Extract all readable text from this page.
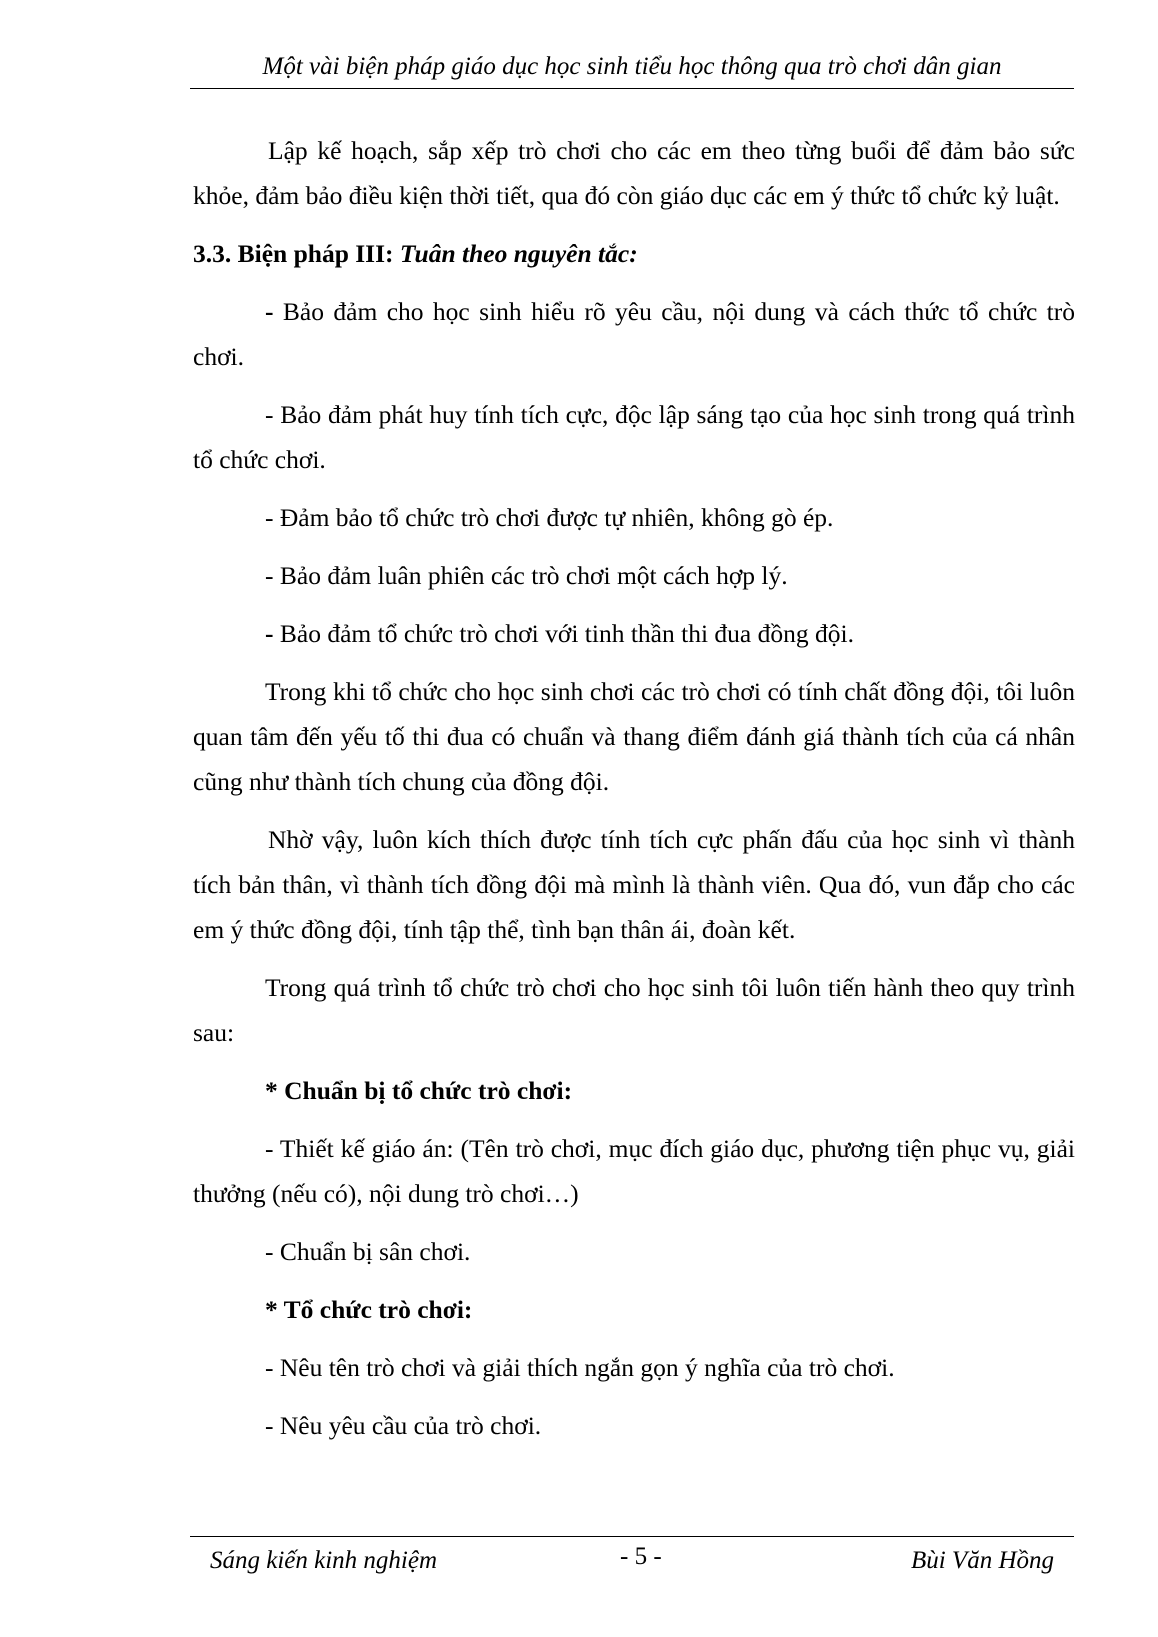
Một vài biện pháp giáo dục học sinh tiểu học thông qua trò chơi dân gian

Lập kế hoạch, sắp xếp trò chơi cho các em theo từng buổi để đảm bảo sức khỏe, đảm bảo điều kiện thời tiết, qua đó còn giáo dục các em ý thức tổ chức kỷ luật.

3.3. Biện pháp III: Tuân theo nguyên tắc:

- Bảo đảm cho học sinh hiểu rõ yêu cầu, nội dung và cách thức tổ chức trò chơi.

- Bảo đảm phát huy tính tích cực, độc lập sáng tạo của học sinh trong quá trình tổ chức chơi.

- Đảm bảo tổ chức trò chơi được tự nhiên, không gò ép.

- Bảo đảm luân phiên các trò chơi một cách hợp lý.

- Bảo đảm tổ chức trò chơi với tinh thần thi đua đồng đội.

Trong khi tổ chức cho học sinh chơi các trò chơi có tính chất đồng đội, tôi luôn quan tâm đến yếu tố thi đua có chuẩn và thang điểm đánh giá thành tích của cá nhân cũng như thành tích chung của đồng đội.

Nhờ vậy, luôn kích thích được tính tích cực phấn đấu của học sinh vì thành tích bản thân, vì thành tích đồng đội mà mình là thành viên. Qua đó, vun đắp cho các em ý thức đồng đội, tính tập thể, tình bạn thân ái, đoàn kết.

Trong quá trình tổ chức trò chơi cho học sinh tôi luôn tiến hành theo quy trình sau:

* Chuẩn bị tổ chức trò chơi:

- Thiết kế giáo án: (Tên trò chơi, mục đích giáo dục, phương tiện phục vụ, giải thưởng (nếu có), nội dung trò chơi…)

- Chuẩn bị sân chơi.

* Tổ chức trò chơi:

- Nêu tên trò chơi và giải thích ngắn gọn ý nghĩa của trò chơi.

- Nêu yêu cầu của trò chơi.

Sáng kiến kinh nghiệm	- 5 -	Bùi Văn Hồng
